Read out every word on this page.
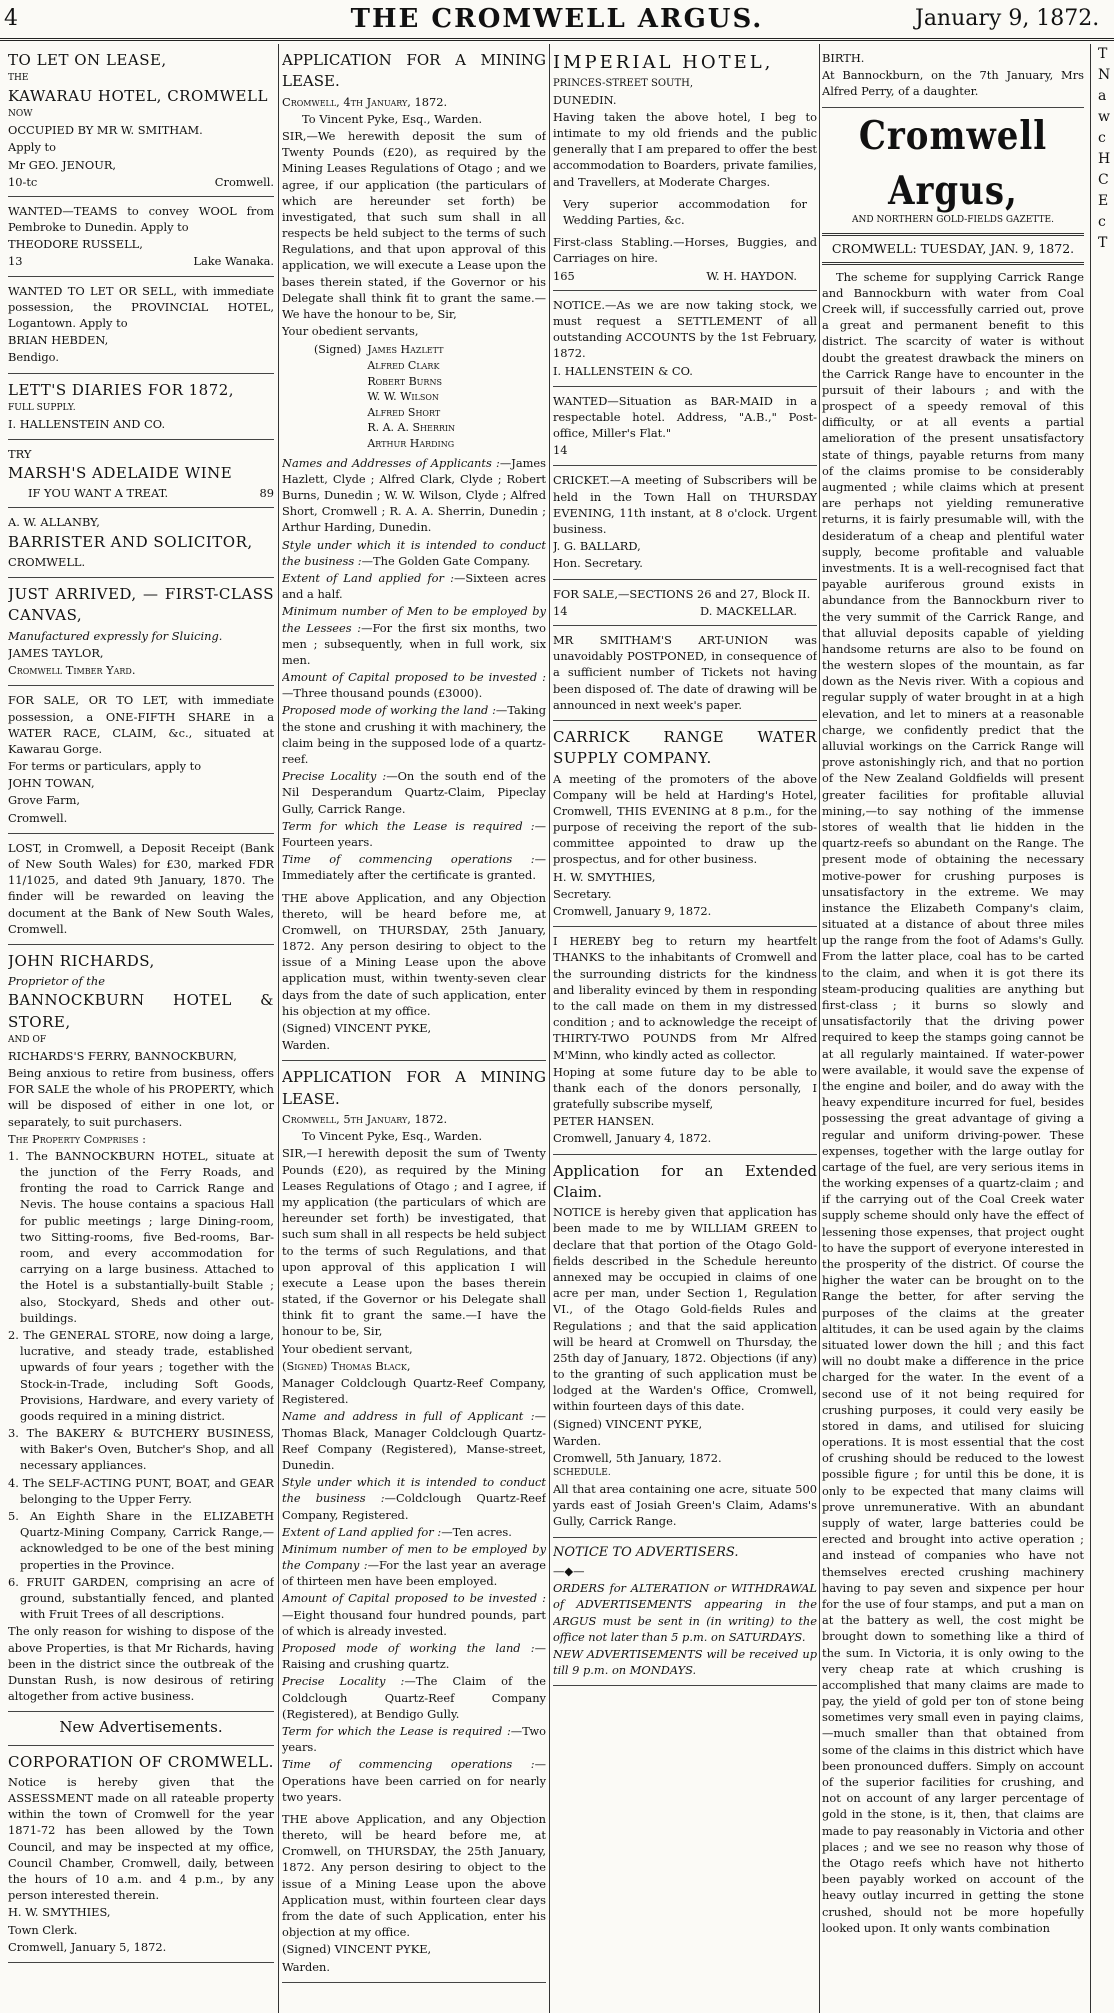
4	THE CROMWELL ARGUS.	January 9, 1872.

TO LET ON LEASE,

THE

KAWARAU HOTEL, CROMWELL

NOW

OCCUPIED BY MR W. SMITHAM.

Apply to

Mr GEO. JENOUR,

10-tc	Cromwell.

WANTED—TEAMS to convey WOOL from Pembroke to Dunedin. Apply to

THEODORE RUSSELL,

13	Lake Wanaka.

WANTED TO LET OR SELL, with immediate possession, the PROVINCIAL HOTEL, Logantown. Apply to

BRIAN HEBDEN,

Bendigo.

LETT'S DIARIES FOR 1872,

FULL SUPPLY.

I. HALLENSTEIN AND CO.

TRY

MARSH'S ADELAIDE WINE

IF YOU WANT A TREAT.	89

A. W. ALLANBY,

BARRISTER AND SOLICITOR,

CROMWELL.

JUST ARRIVED, — FIRST-CLASS CANVAS,

Manufactured expressly for Sluicing.

JAMES TAYLOR,

Cromwell Timber Yard.

FOR SALE, OR TO LET, with immediate possession, a ONE-FIFTH SHARE in a WATER RACE, CLAIM, &c., situated at Kawarau Gorge.

For terms or particulars, apply to

JOHN TOWAN,

Grove Farm,

Cromwell.

LOST, in Cromwell, a Deposit Receipt (Bank of New South Wales) for £30, marked FDR 11/1025, and dated 9th January, 1870. The finder will be rewarded on leaving the document at the Bank of New South Wales, Cromwell.

JOHN RICHARDS,

Proprietor of the

BANNOCKBURN HOTEL & STORE,

AND OF

RICHARDS'S FERRY, BANNOCKBURN,

Being anxious to retire from business, offers FOR SALE the whole of his PROPERTY, which will be disposed of either in one lot, or separately, to suit purchasers.

The Property Comprises :

1. The BANNOCKBURN HOTEL, situate at the junction of the Ferry Roads, and fronting the road to Carrick Range and Nevis. The house contains a spacious Hall for public meetings ; large Dining-room, two Sitting-rooms, five Bed-rooms, Bar-room, and every accommodation for carrying on a large business. Attached to the Hotel is a substantially-built Stable ; also, Stockyard, Sheds and other out-buildings.

2. The GENERAL STORE, now doing a large, lucrative, and steady trade, established upwards of four years ; together with the Stock-in-Trade, including Soft Goods, Provisions, Hardware, and every variety of goods required in a mining district.

3. The BAKERY & BUTCHERY BUSINESS, with Baker's Oven, Butcher's Shop, and all necessary appliances.

4. The SELF-ACTING PUNT, BOAT, and GEAR belonging to the Upper Ferry.

5. An Eighth Share in the ELIZABETH Quartz-Mining Company, Carrick Range,—acknowledged to be one of the best mining properties in the Province.

6. FRUIT GARDEN, comprising an acre of ground, substantially fenced, and planted with Fruit Trees of all descriptions.

The only reason for wishing to dispose of the above Properties, is that Mr Richards, having been in the district since the outbreak of the Dunstan Rush, is now desirous of retiring altogether from active business.

New Advertisements.

CORPORATION OF CROMWELL.

Notice is hereby given that the ASSESSMENT made on all rateable property within the town of Cromwell for the year 1871-72 has been allowed by the Town Council, and may be inspected at my office, Council Chamber, Cromwell, daily, between the hours of 10 a.m. and 4 p.m., by any person interested therein.

H. W. SMYTHIES,

Town Clerk.

Cromwell, January 5, 1872.

APPLICATION FOR A MINING LEASE.

Cromwell, 4th January, 1872.

To Vincent Pyke, Esq., Warden.

SIR,—We herewith deposit the sum of Twenty Pounds (£20), as required by the Mining Leases Regulations of Otago ; and we agree, if our application (the particulars of which are hereunder set forth) be investigated, that such sum shall in all respects be held subject to the terms of such Regulations, and that upon approval of this application, we will execute a Lease upon the bases therein stated, if the Governor or his Delegate shall think fit to grant the same.—We have the honour to be, Sir,

Your obedient servants,

(Signed)	James Hazlett
Alfred Clark
Robert Burns
W. W. Wilson
Alfred Short
R. A. A. Sherrin
Arthur Harding

Names and Addresses of Applicants :—James Hazlett, Clyde ; Alfred Clark, Clyde ; Robert Burns, Dunedin ; W. W. Wilson, Clyde ; Alfred Short, Cromwell ; R. A. A. Sherrin, Dunedin ; Arthur Harding, Dunedin.

Style under which it is intended to conduct the business :—The Golden Gate Company.

Extent of Land applied for :—Sixteen acres and a half.

Minimum number of Men to be employed by the Lessees :—For the first six months, two men ; subsequently, when in full work, six men.

Amount of Capital proposed to be invested :—Three thousand pounds (£3000).

Proposed mode of working the land :—Taking the stone and crushing it with machinery, the claim being in the supposed lode of a quartz-reef.

Precise Locality :—On the south end of the Nil Desperandum Quartz-Claim, Pipeclay Gully, Carrick Range.

Term for which the Lease is required :—Fourteen years.

Time of commencing operations :—Immediately after the certificate is granted.

THE above Application, and any Objection thereto, will be heard before me, at Cromwell, on THURSDAY, 25th January, 1872. Any person desiring to object to the issue of a Mining Lease upon the above application must, within twenty-seven clear days from the date of such application, enter his objection at my office.

(Signed) VINCENT PYKE,

Warden.

APPLICATION FOR A MINING LEASE.

Cromwell, 5th January, 1872.

To Vincent Pyke, Esq., Warden.

SIR,—I herewith deposit the sum of Twenty Pounds (£20), as required by the Mining Leases Regulations of Otago ; and I agree, if my application (the particulars of which are hereunder set forth) be investigated, that such sum shall in all respects be held subject to the terms of such Regulations, and that upon approval of this application I will execute a Lease upon the bases therein stated, if the Governor or his Delegate shall think fit to grant the same.—I have the honour to be, Sir,

Your obedient servant,

(Signed) Thomas Black,

Manager Coldclough Quartz-Reef Company, Registered.

Name and address in full of Applicant :—Thomas Black, Manager Coldclough Quartz-Reef Company (Registered), Manse-street, Dunedin.

Style under which it is intended to conduct the business :—Coldclough Quartz-Reef Company, Registered.

Extent of Land applied for :—Ten acres.

Minimum number of men to be employed by the Company :—For the last year an average of thirteen men have been employed.

Amount of Capital proposed to be invested :—Eight thousand four hundred pounds, part of which is already invested.

Proposed mode of working the land :—Raising and crushing quartz.

Precise Locality :—The Claim of the Coldclough Quartz-Reef Company (Registered), at Bendigo Gully.

Term for which the Lease is required :—Two years.

Time of commencing operations :—Operations have been carried on for nearly two years.

THE above Application, and any Objection thereto, will be heard before me, at Cromwell, on THURSDAY, the 25th January, 1872. Any person desiring to object to the issue of a Mining Lease upon the above Application must, within fourteen clear days from the date of such Application, enter his objection at my office.

(Signed) VINCENT PYKE,

Warden.

IMPERIAL HOTEL,

PRINCES-STREET SOUTH,

DUNEDIN.

Having taken the above hotel, I beg to intimate to my old friends and the public generally that I am prepared to offer the best accommodation to Boarders, private families, and Travellers, at Moderate Charges.

Very superior accommodation for Wedding Parties, &c.

First-class Stabling.—Horses, Buggies, and Carriages on hire.

165	W. H. HAYDON.

NOTICE.—As we are now taking stock, we must request a SETTLEMENT of all outstanding ACCOUNTS by the 1st February, 1872.

I. HALLENSTEIN & CO.

WANTED—Situation as BAR-MAID in a respectable hotel. Address, "A.B.," Post-office, Miller's Flat."

14

CRICKET.—A meeting of Subscribers will be held in the Town Hall on THURSDAY EVENING, 11th instant, at 8 o'clock. Urgent business.

J. G. BALLARD,

Hon. Secretary.

FOR SALE,—SECTIONS 26 and 27, Block II.

14	D. MACKELLAR.

MR SMITHAM'S ART-UNION was unavoidably POSTPONED, in consequence of a sufficient number of Tickets not having been disposed of. The date of drawing will be announced in next week's paper.

CARRICK RANGE WATER SUPPLY COMPANY.

A meeting of the promoters of the above Company will be held at Harding's Hotel, Cromwell, THIS EVENING at 8 p.m., for the purpose of receiving the report of the sub-committee appointed to draw up the prospectus, and for other business.

H. W. SMYTHIES,

Secretary.

Cromwell, January 9, 1872.

I HEREBY beg to return my heartfelt THANKS to the inhabitants of Cromwell and the surrounding districts for the kindness and liberality evinced by them in responding to the call made on them in my distressed condition ; and to acknowledge the receipt of THIRTY-TWO POUNDS from Mr Alfred M'Minn, who kindly acted as collector.

Hoping at some future day to be able to thank each of the donors personally, I gratefully subscribe myself,

PETER HANSEN.

Cromwell, January 4, 1872.

Application for an Extended Claim.

NOTICE is hereby given that application has been made to me by WILLIAM GREEN to declare that that portion of the Otago Gold-fields described in the Schedule hereunto annexed may be occupied in claims of one acre per man, under Section 1, Regulation VI., of the Otago Gold-fields Rules and Regulations ; and that the said application will be heard at Cromwell on Thursday, the 25th day of January, 1872. Objections (if any) to the granting of such application must be lodged at the Warden's Office, Cromwell, within fourteen days of this date.

(Signed) VINCENT PYKE,

Warden.

Cromwell, 5th January, 1872.

SCHEDULE.

All that area containing one acre, situate 500 yards east of Josiah Green's Claim, Adams's Gully, Carrick Range.

NOTICE TO ADVERTISERS.

—◆—

ORDERS for ALTERATION or WITHDRAWAL of ADVERTISEMENTS appearing in the ARGUS must be sent in (in writing) to the office not later than 5 p.m. on SATURDAYS.

NEW ADVERTISEMENTS will be received up till 9 p.m. on MONDAYS.

BIRTH.

At Bannockburn, on the 7th January, Mrs Alfred Perry, of a daughter.

Cromwell Argus,

AND NORTHERN GOLD-FIELDS GAZETTE.

CROMWELL: TUESDAY, JAN. 9, 1872.

The scheme for supplying Carrick Range and Bannockburn with water from Coal Creek will, if successfully carried out, prove a great and permanent benefit to this district. The scarcity of water is without doubt the greatest drawback the miners on the Carrick Range have to encounter in the pursuit of their labours ; and with the prospect of a speedy removal of this difficulty, or at all events a partial amelioration of the present unsatisfactory state of things, payable returns from many of the claims promise to be considerably augmented ; while claims which at present are perhaps not yielding remunerative returns, it is fairly presumable will, with the desideratum of a cheap and plentiful water supply, become profitable and valuable investments. It is a well-recognised fact that payable auriferous ground exists in abundance from the Bannockburn river to the very summit of the Carrick Range, and that alluvial deposits capable of yielding handsome returns are also to be found on the western slopes of the mountain, as far down as the Nevis river. With a copious and regular supply of water brought in at a high elevation, and let to miners at a reasonable charge, we confidently predict that the alluvial workings on the Carrick Range will prove astonishingly rich, and that no portion of the New Zealand Goldfields will present greater facilities for profitable alluvial mining,—to say nothing of the immense stores of wealth that lie hidden in the quartz-reefs so abundant on the Range. The present mode of obtaining the necessary motive-power for crushing purposes is unsatisfactory in the extreme. We may instance the Elizabeth Company's claim, situated at a distance of about three miles up the range from the foot of Adams's Gully. From the latter place, coal has to be carted to the claim, and when it is got there its steam-producing qualities are anything but first-class ; it burns so slowly and unsatisfactorily that the driving power required to keep the stamps going cannot be at all regularly maintained. If water-power were available, it would save the expense of the engine and boiler, and do away with the heavy expenditure incurred for fuel, besides possessing the great advantage of giving a regular and uniform driving-power. These expenses, together with the large outlay for cartage of the fuel, are very serious items in the working expenses of a quartz-claim ; and if the carrying out of the Coal Creek water supply scheme should only have the effect of lessening those expenses, that project ought to have the support of everyone interested in the prosperity of the district. Of course the higher the water can be brought on to the Range the better, for after serving the purposes of the claims at the greater altitudes, it can be used again by the claims situated lower down the hill ; and this fact will no doubt make a difference in the price charged for the water. In the event of a second use of it not being required for crushing purposes, it could very easily be stored in dams, and utilised for sluicing operations. It is most essential that the cost of crushing should be reduced to the lowest possible figure ; for until this be done, it is only to be expected that many claims will prove unremunerative. With an abundant supply of water, large batteries could be erected and brought into active operation ; and instead of companies who have not themselves erected crushing machinery having to pay seven and sixpence per hour for the use of four stamps, and put a man on at the battery as well, the cost might be brought down to something like a third of the sum. In Victoria, it is only owing to the very cheap rate at which crushing is accomplished that many claims are made to pay, the yield of gold per ton of stone being sometimes very small even in paying claims,—much smaller than that obtained from some of the claims in this district which have been pronounced duffers. Simply on account of the superior facilities for crushing, and not on account of any larger percentage of gold in the stone, is it, then, that claims are made to pay reasonably in Victoria and other places ; and we see no reason why those of the Otago reefs which have not hitherto been payably worked on account of the heavy outlay incurred in getting the stone crushed, should not be more hopefully looked upon. It only wants combination

T
N
a
w
c
H
C
E
c
T
